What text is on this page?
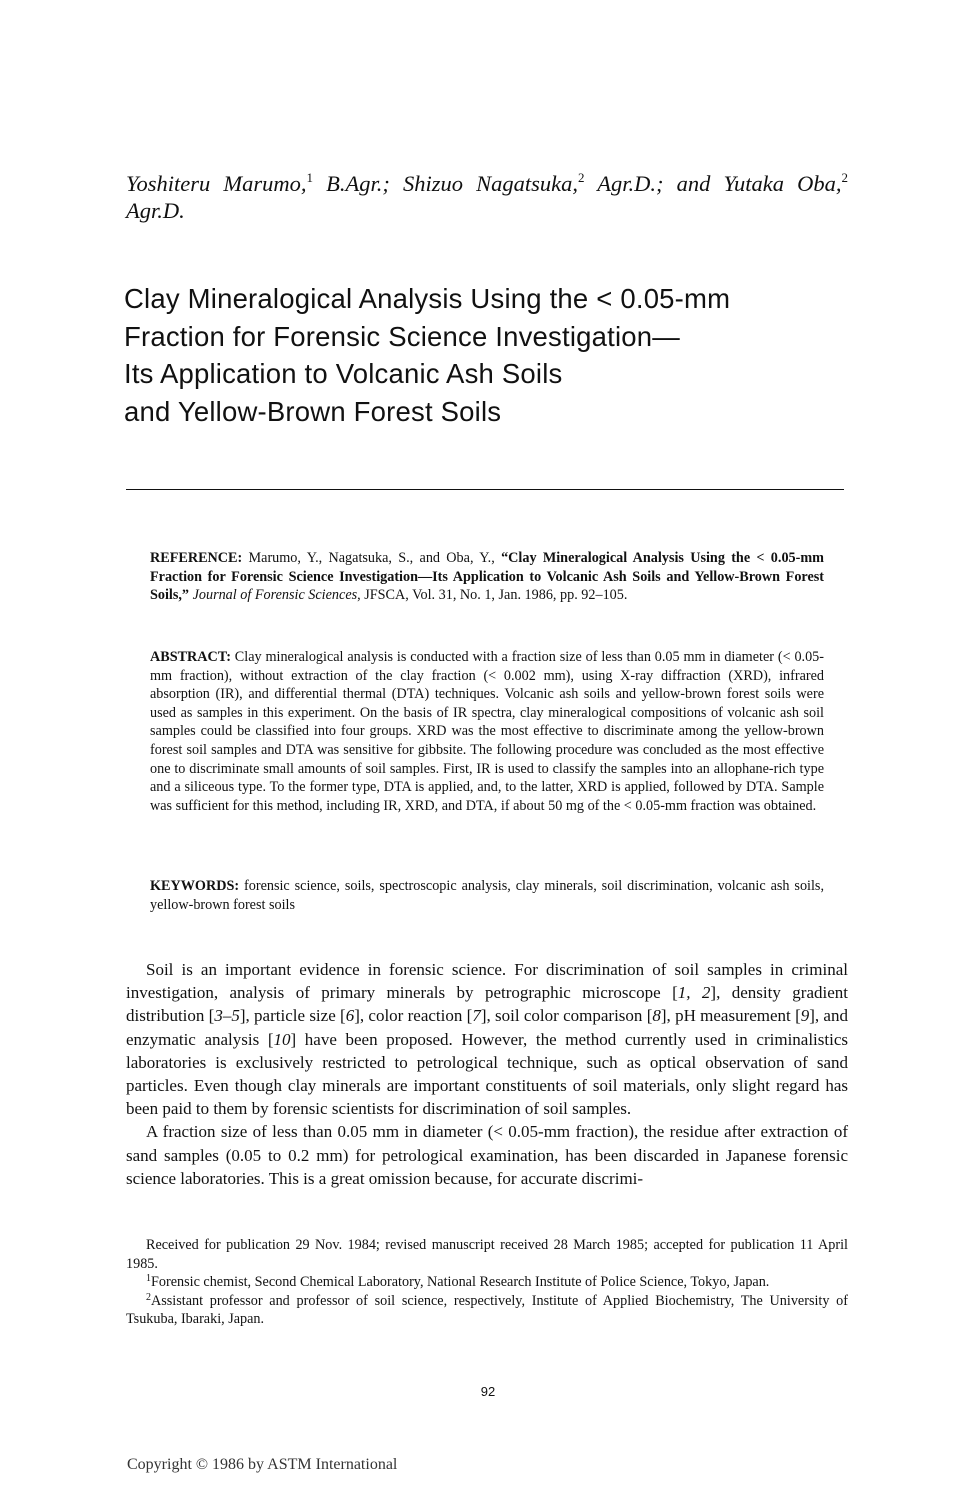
Yoshiteru Marumo,$^1$ B.Agr.; Shizuo Nagatsuka,$^2$ Agr.D.; and Yutaka Oba,$^2$ Agr.D.
Clay Mineralogical Analysis Using the < 0.05-mm
Fraction for Forensic Science Investigation—
Its Application to Volcanic Ash Soils
and Yellow-Brown Forest Soils
REFERENCE: Marumo, Y., Nagatsuka, S., and Oba, Y., “Clay Mineralogical Analysis Using the < 0.05-mm Fraction for Forensic Science Investigation—Its Application to Volcanic Ash Soils and Yellow-Brown Forest Soils,” Journal of Forensic Sciences, JFSCA, Vol. 31, No. 1, Jan. 1986, pp. 92–105.
ABSTRACT: Clay mineralogical analysis is conducted with a fraction size of less than 0.05 mm in diameter (< 0.05-mm fraction), without extraction of the clay fraction (< 0.002 mm), using X-ray diffraction (XRD), infrared absorption (IR), and differential thermal (DTA) techniques. Volcanic ash soils and yellow-brown forest soils were used as samples in this experiment. On the basis of IR spectra, clay mineralogical compositions of volcanic ash soil samples could be classified into four groups. XRD was the most effective to discriminate among the yellow-brown forest soil samples and DTA was sensitive for gibbsite. The following procedure was concluded as the most effective one to discriminate small amounts of soil samples. First, IR is used to classify the samples into an allophane-rich type and a siliceous type. To the former type, DTA is applied, and, to the latter, XRD is applied, followed by DTA. Sample was sufficient for this method, including IR, XRD, and DTA, if about 50 mg of the < 0.05-mm fraction was obtained.
KEYWORDS: forensic science, soils, spectroscopic analysis, clay minerals, soil discrimination, volcanic ash soils, yellow-brown forest soils

Soil is an important evidence in forensic science. For discrimination of soil samples in criminal investigation, analysis of primary minerals by petrographic microscope [1, 2], density gradient distribution [3–5], particle size [6], color reaction [7], soil color comparison [8], pH measurement [9], and enzymatic analysis [10] have been proposed. However, the method currently used in criminalistics laboratories is exclusively restricted to petrological technique, such as optical observation of sand particles. Even though clay minerals are important constituents of soil materials, only slight regard has been paid to them by forensic scientists for discrimination of soil samples.

A fraction size of less than 0.05 mm in diameter (< 0.05-mm fraction), the residue after extraction of sand samples (0.05 to 0.2 mm) for petrological examination, has been discarded in Japanese forensic science laboratories. This is a great omission because, for accurate discrimi-

Received for publication 29 Nov. 1984; revised manuscript received 28 March 1985; accepted for publication 11 April 1985.

$^1$Forensic chemist, Second Chemical Laboratory, National Research Institute of Police Science, Tokyo, Japan.

$^2$Assistant professor and professor of soil science, respectively, Institute of Applied Biochemistry, The University of Tsukuba, Ibaraki, Japan.

92
Copyright © 1986 by ASTM International
